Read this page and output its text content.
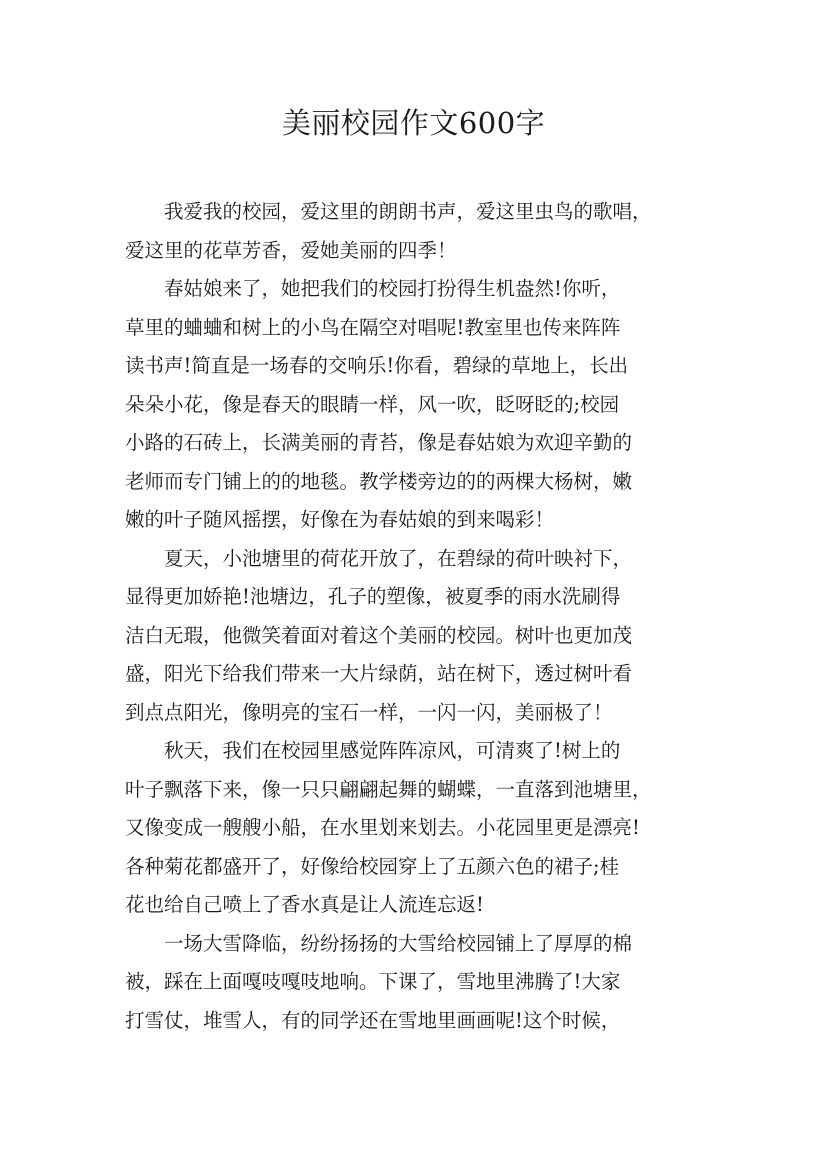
美丽校园作文600字

我爱我的校园，爱这里的朗朗书声，爱这里虫鸟的歌唱，
爱这里的花草芳香，爱她美丽的四季！

春姑娘来了，她把我们的校园打扮得生机盎然!你听，
草里的蛐蛐和树上的小鸟在隔空对唱呢!教室里也传来阵阵
读书声!简直是一场春的交响乐!你看，碧绿的草地上，长出
朵朵小花，像是春天的眼睛一样，风一吹，眨呀眨的;校园
小路的石砖上，长满美丽的青苔，像是春姑娘为欢迎辛勤的
老师而专门铺上的的地毯。教学楼旁边的的两棵大杨树，嫩
嫩的叶子随风摇摆，好像在为春姑娘的到来喝彩！

夏天，小池塘里的荷花开放了，在碧绿的荷叶映衬下，
显得更加娇艳!池塘边，孔子的塑像，被夏季的雨水洗刷得
洁白无瑕，他微笑着面对着这个美丽的校园。树叶也更加茂
盛，阳光下给我们带来一大片绿荫，站在树下，透过树叶看
到点点阳光，像明亮的宝石一样，一闪一闪，美丽极了！

秋天，我们在校园里感觉阵阵凉风，可清爽了!树上的
叶子飘落下来，像一只只翩翩起舞的蝴蝶，一直落到池塘里，
又像变成一艘艘小船，在水里划来划去。小花园里更是漂亮!
各种菊花都盛开了，好像给校园穿上了五颜六色的裙子;桂
花也给自己喷上了香水真是让人流连忘返!

一场大雪降临，纷纷扬扬的大雪给校园铺上了厚厚的棉
被，踩在上面嘎吱嘎吱地响。下课了，雪地里沸腾了!大家
打雪仗，堆雪人，有的同学还在雪地里画画呢!这个时候，
